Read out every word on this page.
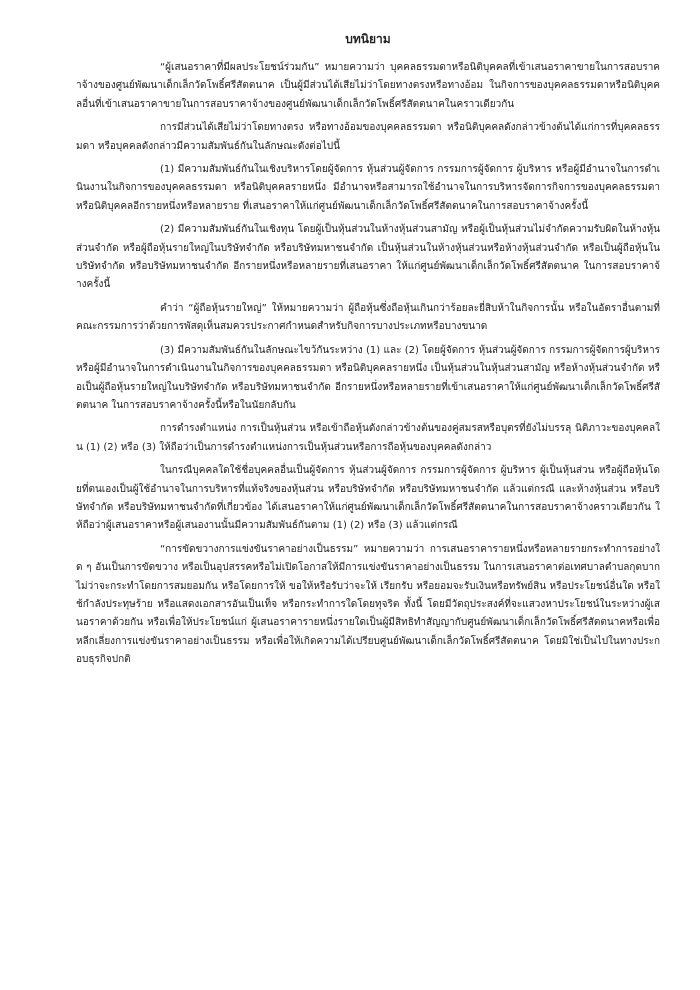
บทนิยาม

“ผู้เสนอราคาที่มีผลประโยชน์ร่วมกัน” หมายความว่า บุคคลธรรมดาหรือนิติบุคคลที่เข้าเสนอราคาขายในการสอบราคาจ้างของศูนย์พัฒนาเด็กเล็กวัดโพธิ์ศรีสัตตนาค เป็นผู้มีส่วนได้เสียไม่ว่าโดยทางตรงหรือทางอ้อม ในกิจการของบุคคลธรรมดาหรือนิติบุคคลอื่นที่เข้าเสนอราคาขายในการสอบราคาจ้างของศูนย์พัฒนาเด็กเล็กวัดโพธิ์ศรีสัตตนาคในคราวเดียวกัน

การมีส่วนได้เสียไม่ว่าโดยทางตรง หรือทางอ้อมของบุคคลธรรมดา หรือนิติบุคคลดังกล่าวข้างต้นได้แก่การที่บุคคลธรรมดา หรือบุคคลดังกล่าวมีความสัมพันธ์กันในลักษณะดังต่อไปนี้

(1) มีความสัมพันธ์กันในเชิงบริหารโดยผู้จัดการ หุ้นส่วนผู้จัดการ กรรมการผู้จัดการ ผู้บริหาร หรือผู้มีอำนาจในการดำเนินงานในกิจการของบุคคลธรรมดา หรือนิติบุคคลรายหนึ่ง มีอำนาจหรือสามารถใช้อำนาจในการบริหารจัดการกิจการของบุคคลธรรมดา หรือนิติบุคคลอีกรายหนึ่งหรือหลายราย ที่เสนอราคาให้แก่ศูนย์พัฒนาเด็กเล็กวัดโพธิ์ศรีสัตตนาคในการสอบราคาจ้างครั้งนี้

(2) มีความสัมพันธ์กันในเชิงทุน โดยผู้เป็นหุ้นส่วนในห้างหุ้นส่วนสามัญ หรือผู้เป็นหุ้นส่วนไม่จำกัดความรับผิดในห้างหุ้นส่วนจำกัด หรือผู้ถือหุ้นรายใหญ่ในบริษัทจำกัด หรือบริษัทมหาชนจำกัด เป็นหุ้นส่วนในห้างหุ้นส่วนหรือห้างหุ้นส่วนจำกัด หรือเป็นผู้ถือหุ้นในบริษัทจำกัด หรือบริษัทมหาชนจำกัด อีกรายหนึ่งหรือหลายรายที่เสนอราคา ให้แก่ศูนย์พัฒนาเด็กเล็กวัดโพธิ์ศรีสัตตนาค ในการสอบราคาจ้างครั้งนี้

คำว่า “ผู้ถือหุ้นรายใหญ่” ให้หมายความว่า ผู้ถือหุ้นซึ่งถือหุ้นเกินกว่าร้อยละยี่สิบห้าในกิจการนั้น หรือในอัตราอื่นตามที่คณะกรรมการว่าด้วยการพัสดุเห็นสมควรประกาศกำหนดสำหรับกิจการบางประเภทหรือบางขนาด

(3) มีความสัมพันธ์กันในลักษณะไขว้กันระหว่าง (1) และ (2) โดยผู้จัดการ หุ้นส่วนผู้จัดการ กรรมการผู้จัดการผู้บริหาร หรือผู้มีอำนาจในการดำเนินงานในกิจการของบุคคลธรรมดา หรือนิติบุคคลรายหนึ่ง เป็นหุ้นส่วนในหุ้นส่วนสามัญ หรือห้างหุ้นส่วนจำกัด หรือเป็นผู้ถือหุ้นรายใหญ่ในบริษัทจำกัด หรือบริษัทมหาชนจำกัด อีกรายหนึ่งหรือหลายรายที่เข้าเสนอราคาให้แก่ศูนย์พัฒนาเด็กเล็กวัดโพธิ์ศรีสัตตนาค ในการสอบราคาจ้างครั้งนี้หรือในนัยกลับกัน

การดำรงตำแหน่ง การเป็นหุ้นส่วน หรือเข้าถือหุ้นดังกล่าวข้างต้นของคู่สมรสหรือบุตรที่ยังไม่บรรลุ นิติภาวะของบุคคลใน (1) (2) หรือ (3) ให้ถือว่าเป็นการดำรงตำแหน่งการเป็นหุ้นส่วนหรือการถือหุ้นของบุคคลดังกล่าว

ในกรณีบุคคลใดใช้ชื่อบุคคลอื่นเป็นผู้จัดการ หุ้นส่วนผู้จัดการ กรรมการผู้จัดการ ผู้บริหาร ผู้เป็นหุ้นส่วน หรือผู้ถือหุ้นโดยที่ตนเองเป็นผู้ใช้อำนาจในการบริหารที่แท้จริงของหุ้นส่วน หรือบริษัทจำกัด หรือบริษัทมหาชนจำกัด แล้วแต่กรณี และห้างหุ้นส่วน หรือบริษัทจำกัด หรือบริษัทมหาชนจำกัดที่เกี่ยวข้อง ได้เสนอราคาให้แก่ศูนย์พัฒนาเด็กเล็กวัดโพธิ์ศรีสัตตนาคในการสอบราคาจ้างคราวเดียวกัน ให้ถือว่าผู้เสนอราคาหรือผู้เสนองานนั้นมีความสัมพันธ์กันตาม (1) (2) หรือ (3) แล้วแต่กรณี

“การขัดขวางการแข่งขันราคาอย่างเป็นธรรม” หมายความว่า การเสนอราคารายหนึ่งหรือหลายรายกระทำการอย่างใด ๆ อันเป็นการขัดขวาง หรือเป็นอุปสรรคหรือไม่เปิดโอกาสให้มีการแข่งขันราคาอย่างเป็นธรรม ในการเสนอราคาต่อเทศบาลตำบลกุดบาก ไม่ว่าจะกระทำโดยการสมยอมกัน หรือโดยการให้ ขอให้หรือรับว่าจะให้ เรียกรับ หรือยอมจะรับเงินหรือทรัพย์สิน หรือประโยชน์อื่นใด หรือใช้กำลังประทุษร้าย หรือแสดงเอกสารอันเป็นเท็จ หรือกระทำการใดโดยทุจริต ทั้งนี้ โดยมีวัตถุประสงค์ที่จะแสวงหาประโยชน์ในระหว่างผู้เสนอราคาด้วยกัน หรือเพื่อให้ประโยชน์แก่ ผู้เสนอราคารายหนึ่งรายใดเป็นผู้มีสิทธิทำสัญญากับศูนย์พัฒนาเด็กเล็กวัดโพธิ์ศรีสัตตนาคหรือเพื่อหลีกเลี่ยงการแข่งขันราคาอย่างเป็นธรรม หรือเพื่อให้เกิดความได้เปรียบศูนย์พัฒนาเด็กเล็กวัดโพธิ์ศรีสัตตนาค โดยมิใช่เป็นไปในทางประกอบธุรกิจปกติ
